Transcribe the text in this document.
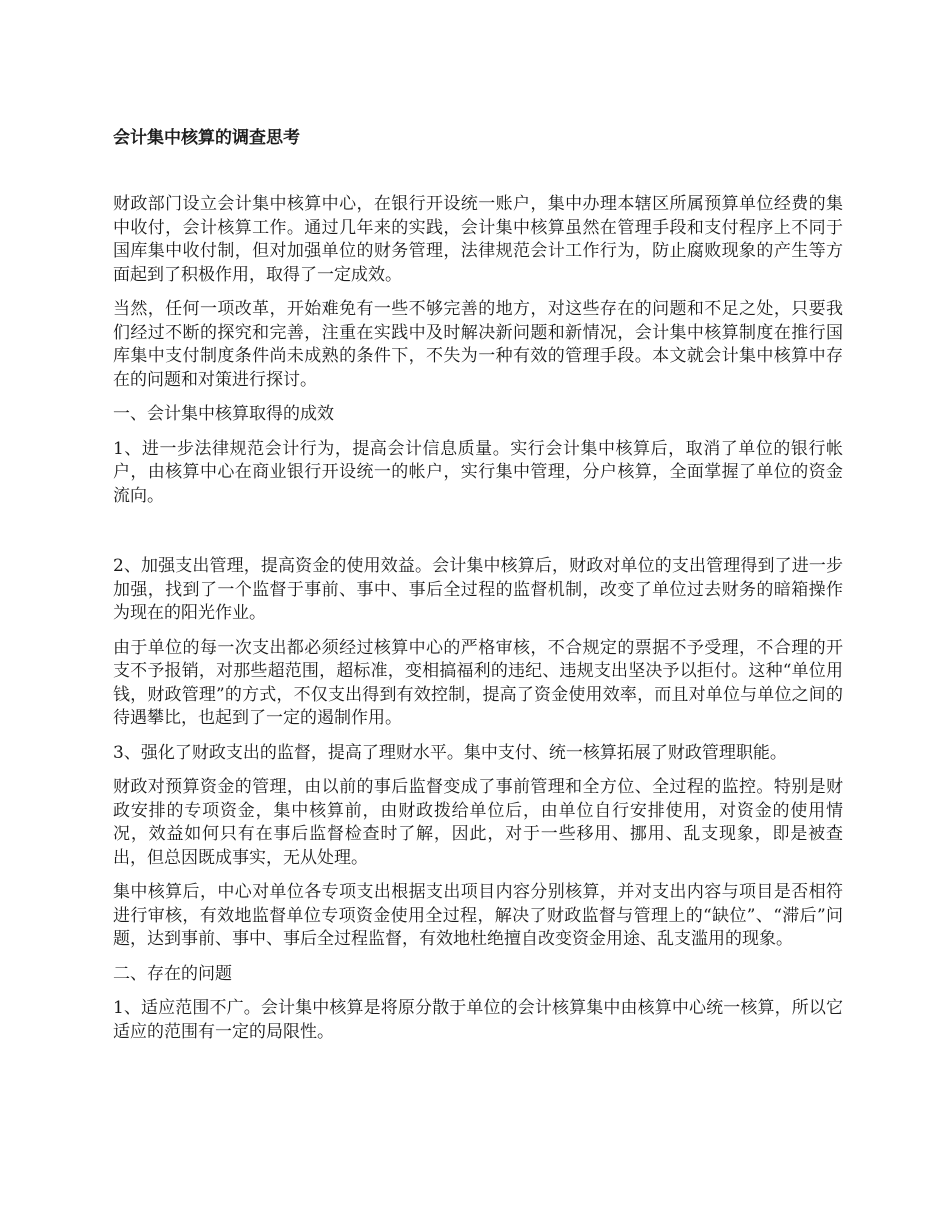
会计集中核算的调查思考

财政部门设立会计集中核算中心，在银行开设统一账户，集中办理本辖区所属预算单位经费的集中收付，会计核算工作。通过几年来的实践，会计集中核算虽然在管理手段和支付程序上不同于国库集中收付制，但对加强单位的财务管理，法律规范会计工作行为，防止腐败现象的产生等方面起到了积极作用，取得了一定成效。

当然，任何一项改革，开始难免有一些不够完善的地方，对这些存在的问题和不足之处，只要我们经过不断的探究和完善，注重在实践中及时解决新问题和新情况，会计集中核算制度在推行国库集中支付制度条件尚未成熟的条件下，不失为一种有效的管理手段。本文就会计集中核算中存在的问题和对策进行探讨。

一、会计集中核算取得的成效

1、进一步法律规范会计行为，提高会计信息质量。实行会计集中核算后，取消了单位的银行帐户，由核算中心在商业银行开设统一的帐户，实行集中管理，分户核算，全面掌握了单位的资金流向。

2、加强支出管理，提高资金的使用效益。会计集中核算后，财政对单位的支出管理得到了进一步加强，找到了一个监督于事前、事中、事后全过程的监督机制，改变了单位过去财务的暗箱操作为现在的阳光作业。

由于单位的每一次支出都必须经过核算中心的严格审核，不合规定的票据不予受理，不合理的开支不予报销，对那些超范围，超标准，变相搞福利的违纪、违规支出坚决予以拒付。这种“单位用钱，财政管理”的方式，不仅支出得到有效控制，提高了资金使用效率，而且对单位与单位之间的待遇攀比，也起到了一定的遏制作用。

3、强化了财政支出的监督，提高了理财水平。集中支付、统一核算拓展了财政管理职能。

财政对预算资金的管理，由以前的事后监督变成了事前管理和全方位、全过程的监控。特别是财政安排的专项资金，集中核算前，由财政拨给单位后，由单位自行安排使用，对资金的使用情况，效益如何只有在事后监督检查时了解，因此，对于一些移用、挪用、乱支现象，即是被查出，但总因既成事实，无从处理。

集中核算后，中心对单位各专项支出根据支出项目内容分别核算，并对支出内容与项目是否相符进行审核，有效地监督单位专项资金使用全过程，解决了财政监督与管理上的“缺位”、“滞后”问题，达到事前、事中、事后全过程监督，有效地杜绝擅自改变资金用途、乱支滥用的现象。

二、存在的问题

1、适应范围不广。会计集中核算是将原分散于单位的会计核算集中由核算中心统一核算，所以它适应的范围有一定的局限性。
